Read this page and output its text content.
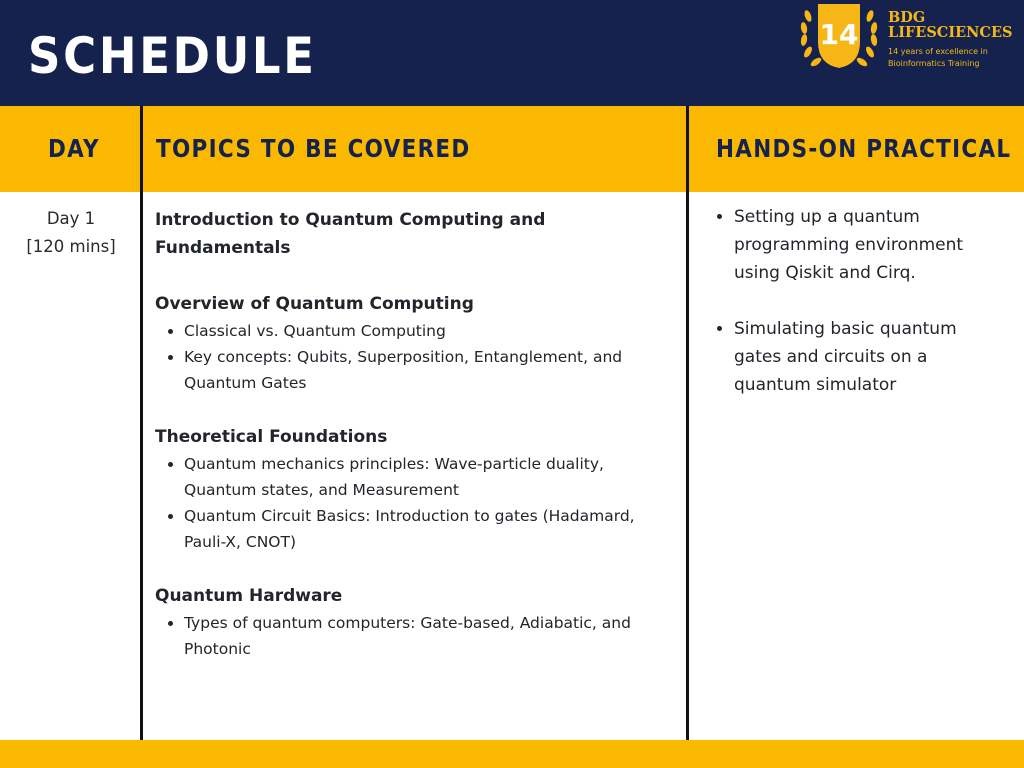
SCHEDULE	14

BDG
LIFESCIENCES

14 years of excellence in
Bioinformatics Training

DAY TOPICS TO BE COVERED	HANDS-ON PRACTICAL

Day 1

[120 mins]

Introduction to Quantum Computing and Fundamentals

Overview of Quantum Computing

• Classical vs. Quantum Computing
• Key concepts: Qubits, Superposition, Entanglement, and Quantum Gates

Theoretical Foundations

• Quantum mechanics principles: Wave-particle duality, Quantum states, and Measurement
• Quantum Circuit Basics: Introduction to gates (Hadamard, Pauli-X, CNOT)

Quantum Hardware

• Types of quantum computers: Gate-based, Adiabatic, and Photonic
• Setting up a quantum programming environment using Qiskit and Cirq.
• Simulating basic quantum gates and circuits on a quantum simulator
